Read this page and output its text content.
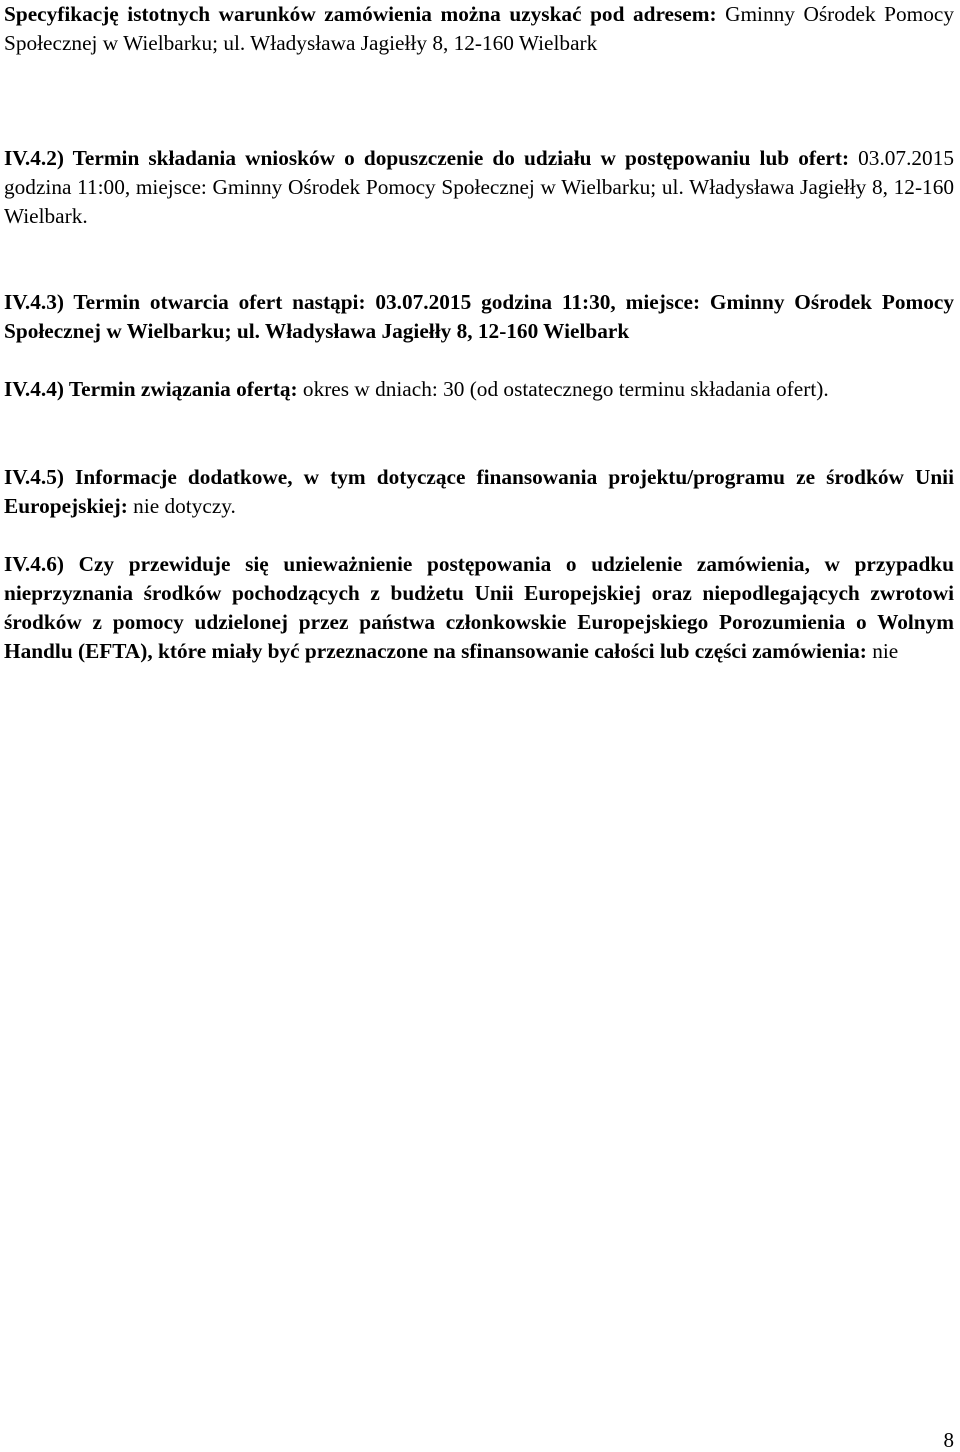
Specyfikację istotnych warunków zamówienia można uzyskać pod adresem: Gminny Ośrodek Pomocy Społecznej w Wielbarku; ul. Władysława Jagiełły 8, 12-160 Wielbark

IV.4.2) Termin składania wniosków o dopuszczenie do udziału w postępowaniu lub ofert: 03.07.2015 godzina 11:00, miejsce: Gminny Ośrodek Pomocy Społecznej w Wielbarku; ul. Władysława Jagiełły 8, 12-160 Wielbark.

IV.4.3) Termin otwarcia ofert nastąpi: 03.07.2015 godzina 11:30, miejsce: Gminny Ośrodek Pomocy Społecznej w Wielbarku; ul. Władysława Jagiełły 8, 12-160 Wielbark

IV.4.4) Termin związania ofertą: okres w dniach: 30 (od ostatecznego terminu składania ofert).

IV.4.5) Informacje dodatkowe, w tym dotyczące finansowania projektu/programu ze środków Unii Europejskiej: nie dotyczy.

IV.4.6) Czy przewiduje się unieważnienie postępowania o udzielenie zamówienia, w przypadku nieprzyznania środków pochodzących z budżetu Unii Europejskiej oraz niepodlegających zwrotowi środków z pomocy udzielonej przez państwa członkowskie Europejskiego Porozumienia o Wolnym Handlu (EFTA), które miały być przeznaczone na sfinansowanie całości lub części zamówienia: nie

8
